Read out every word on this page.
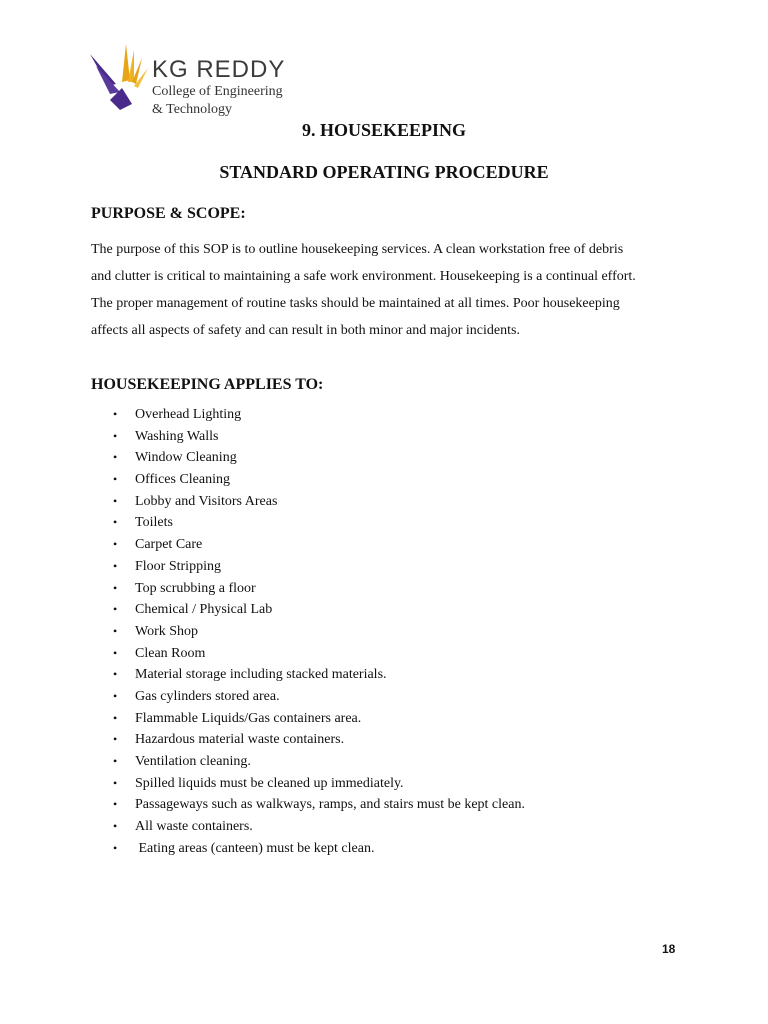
KG REDDY
College of Engineering
& Technology
9. HOUSEKEEPING
STANDARD OPERATING PROCEDURE
PURPOSE & SCOPE:
The purpose of this SOP is to outline housekeeping services. A clean workstation free of debris
and clutter is critical to maintaining a safe work environment. Housekeeping is a continual effort.
The proper management of routine tasks should be maintained at all times. Poor housekeeping
affects all aspects of safety and can result in both minor and major incidents.
HOUSEKEEPING APPLIES TO:
• Overhead Lighting
• Washing Walls
• Window Cleaning
• Offices Cleaning
• Lobby and Visitors Areas
• Toilets
• Carpet Care
• Floor Stripping
• Top scrubbing a floor
• Chemical / Physical Lab
• Work Shop
• Clean Room
• Material storage including stacked materials.
• Gas cylinders stored area.
• Flammable Liquids/Gas containers area.
• Hazardous material waste containers.
• Ventilation cleaning.
• Spilled liquids must be cleaned up immediately.
• Passageways such as walkways, ramps, and stairs must be kept clean.
• All waste containers.
• Eating areas (canteen) must be kept clean.
18
